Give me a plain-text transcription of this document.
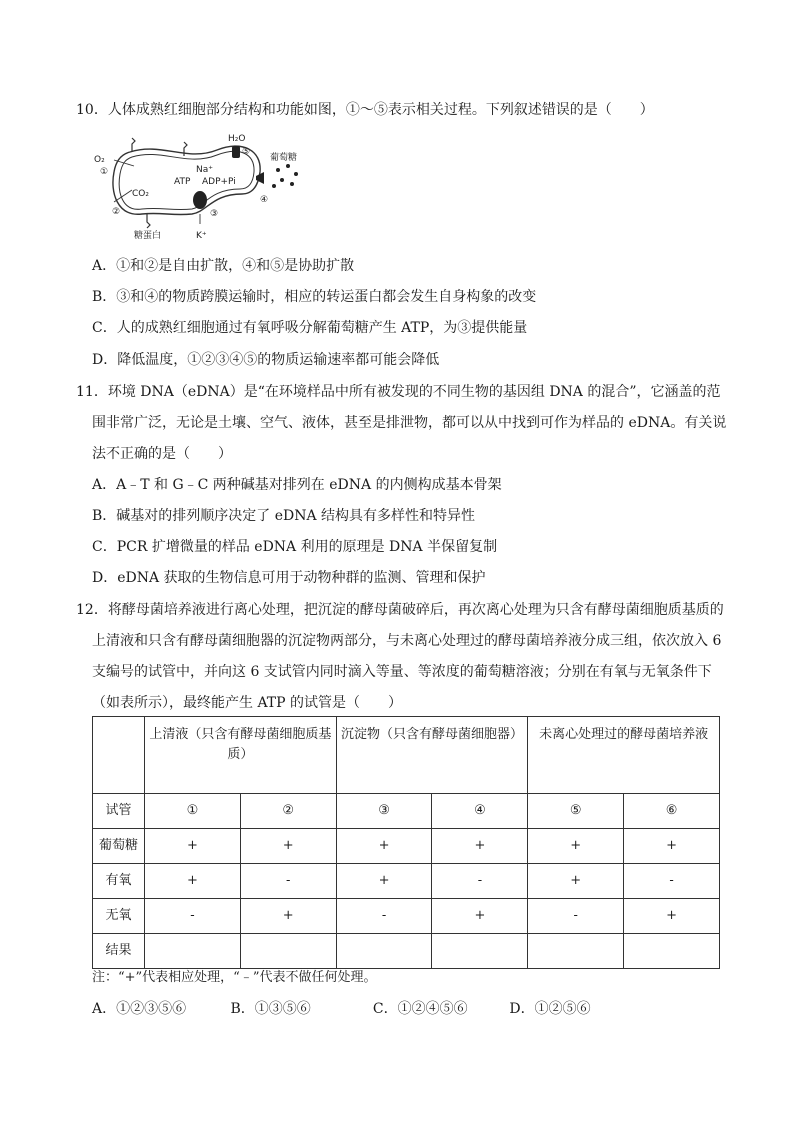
10．人体成熟红细胞部分结构和功能如图，①～⑤表示相关过程。下列叙述错误的是（　　）
H₂O
⑤
葡萄糖
O₂
①
CO₂
②
Na⁺
ATP ADP+Pi
④
③
糖蛋白	K⁺
A．①和②是自由扩散，④和⑤是协助扩散
B．③和④的物质跨膜运输时，相应的转运蛋白都会发生自身构象的改变
C．人的成熟红细胞通过有氧呼吸分解葡萄糖产生 ATP，为③提供能量
D．降低温度，①②③④⑤的物质运输速率都可能会降低
11．环境 DNA（eDNA）是“在环境样品中所有被发现的不同生物的基因组 DNA 的混合”，它涵盖的范
围非常广泛，无论是土壤、空气、液体，甚至是排泄物，都可以从中找到可作为样品的 eDNA。有关说
法不正确的是（　　）
A．A﹣T 和 G﹣C 两种碱基对排列在 eDNA 的内侧构成基本骨架
B．碱基对的排列顺序决定了 eDNA 结构具有多样性和特异性
C．PCR 扩增微量的样品 eDNA 利用的原理是 DNA 半保留复制
D．eDNA 获取的生物信息可用于动物种群的监测、管理和保护
12．将酵母菌培养液进行离心处理，把沉淀的酵母菌破碎后，再次离心处理为只含有酵母菌细胞质基质的
上清液和只含有酵母菌细胞器的沉淀物两部分，与未离心处理过的酵母菌培养液分成三组，依次放入 6
支编号的试管中，并向这 6 支试管内同时滴入等量、等浓度的葡萄糖溶液；分别在有氧与无氧条件下
（如表所示），最终能产生 ATP 的试管是（　　）
	上清液（只含有酵母菌细胞质基质）		沉淀物（只含有酵母菌细胞器）		未离心处理过的酵母菌培养液	
试管	①	②	③	④	⑤	⑥
葡萄糖	+	+	+	+	+	+
有氧	+	-	+	-	+	-
无氧	-	+	-	+	-	+
结果						
注：“+”代表相应处理，“﹣”代表不做任何处理。
A．①②③⑤⑥	B．①③⑤⑥	C．①②④⑤⑥	D．①②⑤⑥
